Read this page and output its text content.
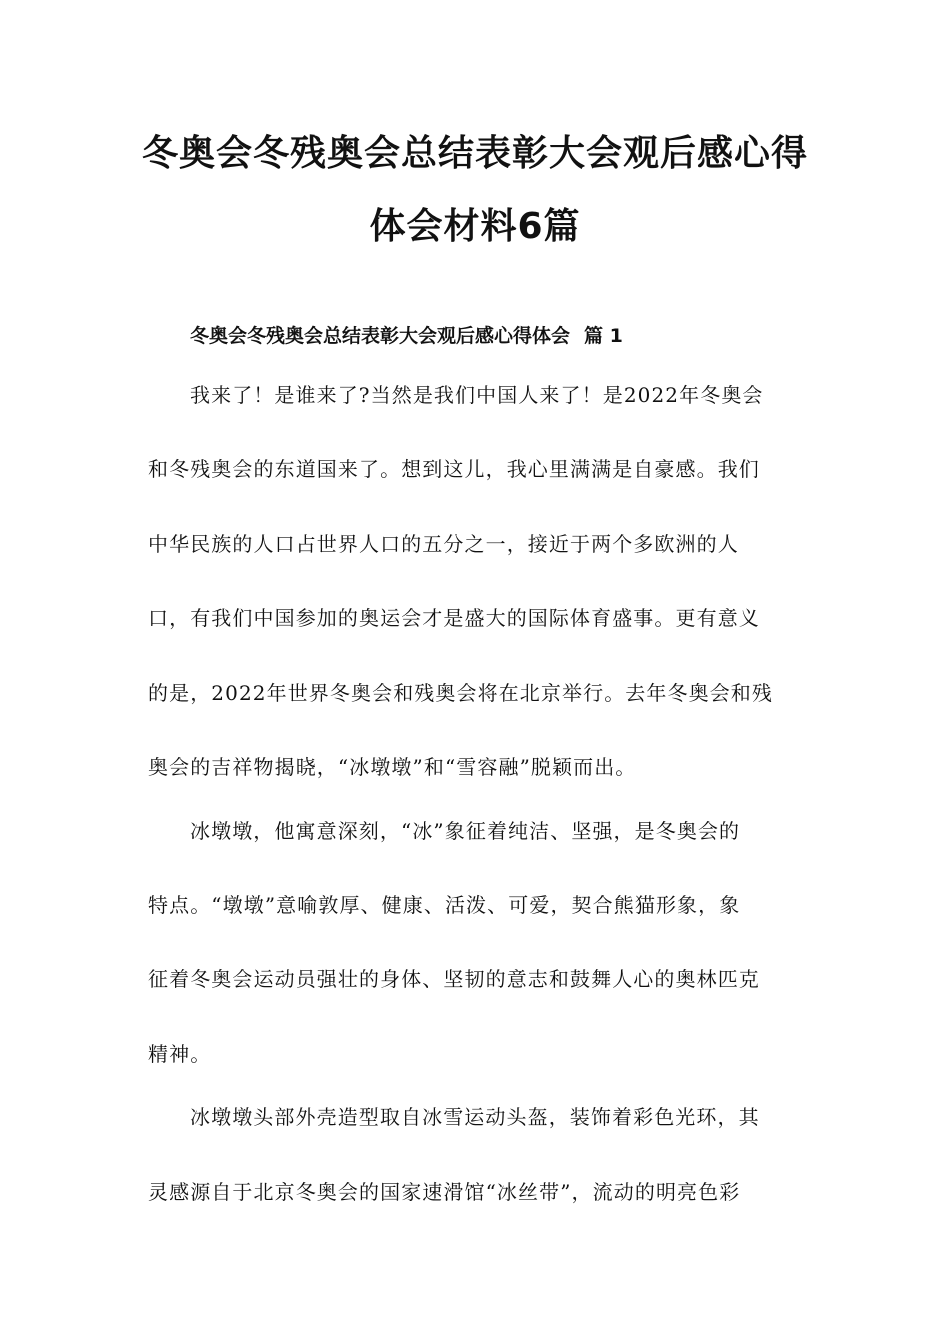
冬奥会冬残奥会总结表彰大会观后感心得
体会材料6篇
冬奥会冬残奥会总结表彰大会观后感心得体会 篇 1
我来了！是谁来了?当然是我们中国人来了！是2022年冬奥会
和冬残奥会的东道国来了。想到这儿，我心里满满是自豪感。我们
中华民族的人口占世界人口的五分之一，接近于两个多欧洲的人
口，有我们中国参加的奥运会才是盛大的国际体育盛事。更有意义
的是，2022年世界冬奥会和残奥会将在北京举行。去年冬奥会和残
奥会的吉祥物揭晓，“冰墩墩”和“雪容融”脱颖而出。
冰墩墩，他寓意深刻，“冰”象征着纯洁、坚强，是冬奥会的
特点。“墩墩”意喻敦厚、健康、活泼、可爱，契合熊猫形象，象
征着冬奥会运动员强壮的身体、坚韧的意志和鼓舞人心的奥林匹克
精神。
冰墩墩头部外壳造型取自冰雪运动头盔，装饰着彩色光环，其
灵感源自于北京冬奥会的国家速滑馆“冰丝带”，流动的明亮色彩
